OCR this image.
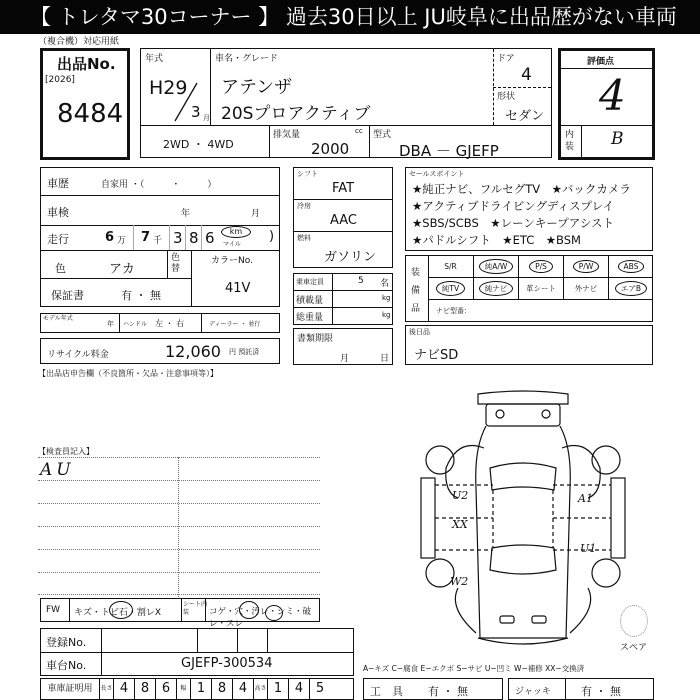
【 トレタマ30コーナー 】 過去30日以上 JU岐阜に出品歴がない車両
（複合機）対応用紙
出品No.
[2026]
8484
年式
H29
3 月
車名・グレード
アテンザ
20Sプロアクティブ
ドア
4
形状
セダン
2WD ・ 4WD
排気量	cc
2000
型式
DBA － GJEFP
評価点
4
内装 B
車歴	自家用 ・（　　　・　　　）
車検	年	月
走行	6 万 7 千 3 8 6	km
マイル
)
色	アカ
色替
カラーNo.
41V
保証書	有 ・ 無
モデル年式
年 ハンドル 左 ・ 右	ディーラー ・ 並行
リサイクル料金	12,060 円 預託済
シフト
FAT
冷房
AAC
燃料
ガソリン
乗車定員	5 名
積載量	kg
総重量	kg
書類期限
月	日
セールスポイント
★純正ナビ、フルセグTV　★バックカメラ
★アクティブドライビングディスプレイ
★SBS/SCBS　★レーンキープアシスト
★パドルシフト　★ETC　★BSM
装備品
S/R	純A/W	P/S	P/W	ABS
純TV	純ナビ	革シート	外ナビ	エアB
ナビ型番：
後日品
ナビSD
【出品店申告欄（不良箇所・欠品・注意事項等）】
【検査員記入】
AU
U2
XX
A1
U1
W2
スペア
FW キズ・トビ石・割レX
シート内装	コゲ・穴・汚レ・シミ・破レ・スレ
登録No.
車台No.	GJEFP-300534
車庫証明用	長さ 4 8 6	幅 1 8 4	高さ 1 4 5
A−キズ C−腐食 E−エクボ S−サビ U−凹ミ W−補修 XX−交換済
工　具 有 ・ 無	ジャッキ	有 ・ 無
